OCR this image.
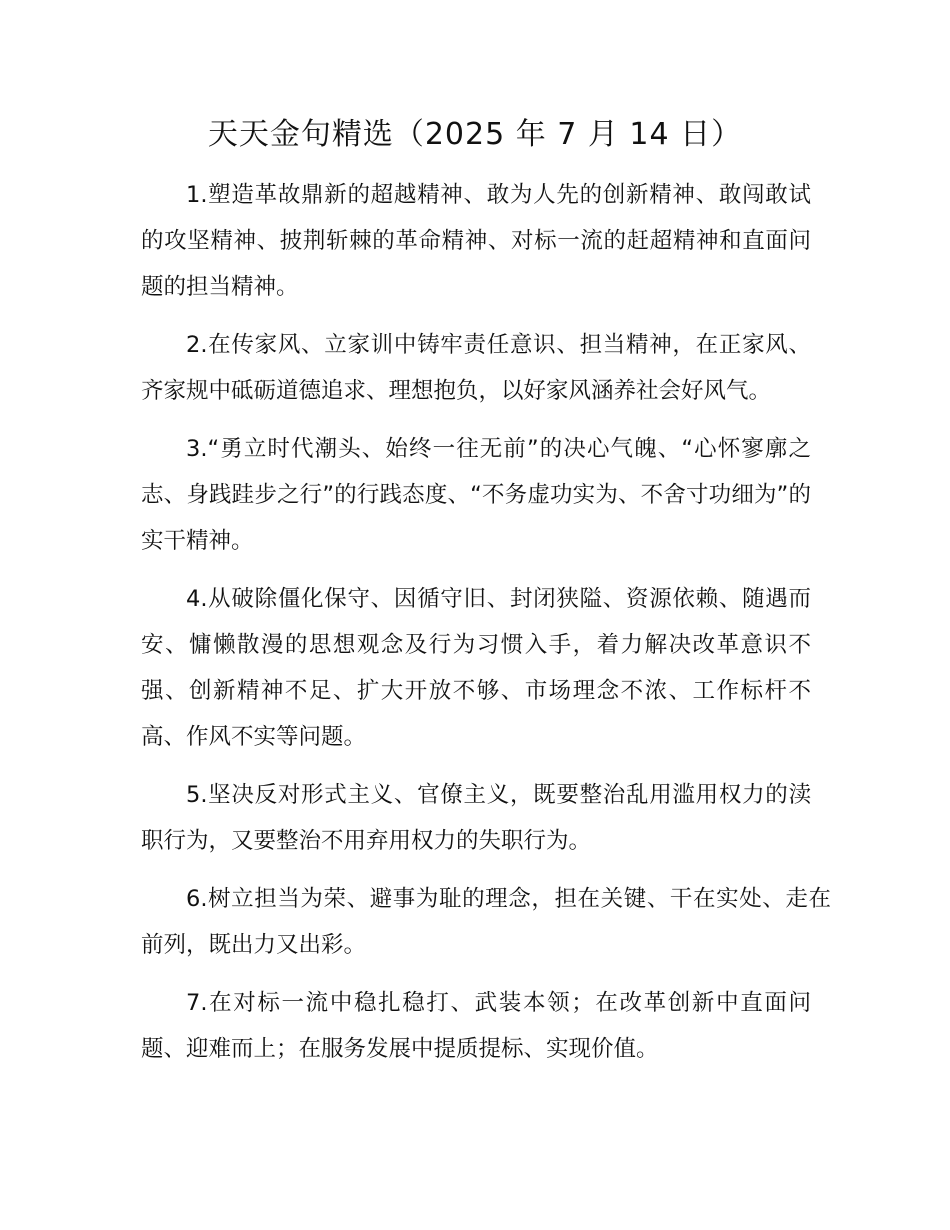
天天金句精选（2025 年 7 月 14 日）

1.塑造革故鼎新的超越精神、敢为人先的创新精神、敢闯敢试的攻坚精神、披荆斩棘的革命精神、对标一流的赶超精神和直面问题的担当精神。

2.在传家风、立家训中铸牢责任意识、担当精神，在正家风、齐家规中砥砺道德追求、理想抱负，以好家风涵养社会好风气。

3.“勇立时代潮头、始终一往无前”的决心气魄、“心怀寥廓之志、身践跬步之行”的行践态度、“不务虚功实为、不舍寸功细为”的实干精神。

4.从破除僵化保守、因循守旧、封闭狭隘、资源依赖、随遇而安、慵懒散漫的思想观念及行为习惯入手，着力解决改革意识不强、创新精神不足、扩大开放不够、市场理念不浓、工作标杆不高、作风不实等问题。

5.坚决反对形式主义、官僚主义，既要整治乱用滥用权力的渎职行为，又要整治不用弃用权力的失职行为。

6.树立担当为荣、避事为耻的理念，担在关键、干在实处、走在前列，既出力又出彩。

7.在对标一流中稳扎稳打、武装本领；在改革创新中直面问题、迎难而上；在服务发展中提质提标、实现价值。
